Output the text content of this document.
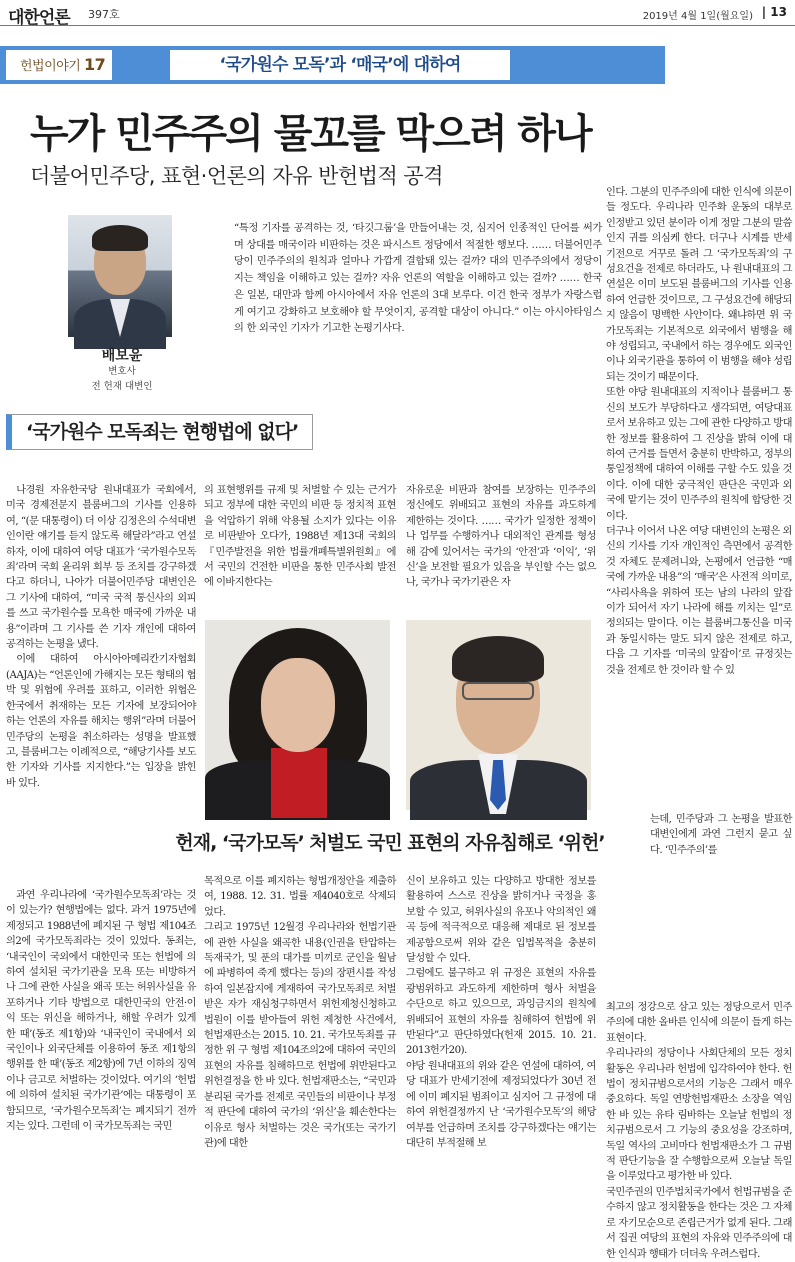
대한언론 397호	2019년 4월 1일(월요일) | 13
헌법이야기 17	‘국가원수 모독’과 ‘매국’에 대하여
누가 민주주의 물꼬를 막으려 하나
더불어민주당, 표현·언론의 자유 반헌법적 공격
배보윤
변호사
전 헌재 대변인
“특정 기자를 공격하는 것, ‘타깃그룹’을 만들어내는 것, 심지어 인종적인 단어를 써가며 상대를 매국이라 비판하는 것은 파시스트 정당에서 적절한 행보다. …… 더불어민주당이 민주주의의 원칙과 얼마나 가깝게 결합돼 있는 걸까? 대의 민주주의에서 정당이 지는 책임을 이해하고 있는 걸까? 자유 언론의 역할을 이해하고 있는 걸까? …… 한국은 일본, 대만과 함께 아시아에서 자유 언론의 3대 보루다. 이건 한국 정부가 자랑스럽게 여기고 강화하고 보호해야 할 무엇이지, 공격할 대상이 아니다.” 이는 아시아타임스의 한 외국인 기자가 기고한 논평기사다.
‘국가원수 모독죄는 현행법에 없다’

나경원 자유한국당 원내대표가 국회에서, 미국 경제전문지 블룸버그의 기사를 인용하여, “(문 대통령이) 더 이상 김정은의 수석대변인이란 얘기를 듣지 않도록 해달라”라고 연설하자, 이에 대하여 여당 대표가 ‘국가원수모독죄’라며 국회 윤리위 회부 등 조치를 강구하겠다고 하더니, 나아가 더불어민주당 대변인은 그 기사에 대하여, “미국 국적 통신사의 외피를 쓰고 국가원수를 모욕한 매국에 가까운 내용”이라며 그 기사를 쓴 기자 개인에 대하여 공격하는 논평을 냈다.

이에 대하여 아시아아메리칸기자협회(AAJA)는 “언론인에 가해지는 모든 형태의 협박 및 위협에 우려를 표하고, 이러한 위협은 한국에서 취재하는 모든 기자에 보장되어야 하는 언론의 자유를 해치는 행위”라며 더불어민주당의 논평을 취소하라는 성명을 발표했고, 블룸버그는 이례적으로, “해당기사를 보도한 기자와 기사를 지지한다.”는 입장을 밝힌 바 있다.

의 표현행위를 규제 및 처벌할 수 있는 근거가 되고 정부에 대한 국민의 비판 등 정치적 표현을 억압하기 위해 악용될 소지가 있다는 이유로 비판받아 오다가, 1988년 제13대 국회의 『민주발전을 위한 법률개폐특별위원회』에서 국민의 건전한 비판을 통한 민주사회 발전에 이바지한다는

자유로운 비판과 참여를 보장하는 민주주의 정신에도 위배되고 표현의 자유를 과도하게 제한하는 것이다. …… 국가가 일정한 정책이나 업무를 수행하거나 대외적인 관계를 형성해 감에 있어서는 국가의 ‘안전’과 ‘이익’, ‘위신’을 보전할 필요가 있음을 부인할 수는 없으나, 국가나 국가기관은 자

인다. 그분의 민주주의에 대한 인식에 의문이 들 정도다. 우리나라 민주화 운동의 대부로 인정받고 있던 분이라 이게 정말 그분의 말씀인지 귀를 의심케 한다. 더구나 시계를 반세기전으로 거꾸로 돌려 그 ‘국가모독죄’의 구성요건을 전제로 하더라도, 나 원내대표의 그 연설은 이미 보도된 블룸버그의 기사를 인용하여 언급한 것이므로, 그 구성요건에 해당되지 않음이 명백한 사안이다. 왜냐하면 위 국가모독죄는 기본적으로 외국에서 범행을 해야 성립되고, 국내에서 하는 경우에도 외국인이나 외국기관을 통하여 이 범행을 해야 성립되는 것이기 때문이다.
또한 야당 원내대표의 지적이나 블룸버그 통신의 보도가 부당하다고 생각되면, 여당대표로서 보유하고 있는 그에 관한 다양하고 방대한 정보를 활용하여 그 진상을 밝혀 이에 대하여 근거를 들면서 충분히 반박하고, 정부의 통일정책에 대하여 이해를 구할 수도 있을 것이다. 이에 대한 궁극적인 판단은 국민과 외국에 맡기는 것이 민주주의 원칙에 합당한 것이다.
더구나 이어서 나온 여당 대변인의 논평은 외신의 기사를 기자 개인적인 측면에서 공격한 것 자체도 문제려니와, 논평에서 언급한 “매국에 가까운 내용”의 ‘매국’은 사전적 의미로, “사리사욕을 위하여 또는 남의 나라의 앞잡이가 되어서 자기 나라에 해를 끼치는 일”로 정의되는 말이다. 이는 블룸버그통신을 미국과 동일시하는 말도 되지 않은 전제로 하고, 다음 그 기자를 ‘미국의 앞잡이’로 규정짓는 것을 전제로 한 것이라 할 수 있
는데, 민주당과 그 논평을 발표한 대변인에게 과연 그런지 묻고 싶다. ‘민주주의’를
헌재, ‘국가모독’ 처벌도 국민 표현의 자유침해로 ‘위헌’

과연 우리나라에 ‘국가원수모독죄’라는 것이 있는가? 현행법에는 없다. 과거 1975년에 제정되고 1988년에 폐지된 구 형법 제104조의2에 국가모독죄라는 것이 있었다. 동죄는, ‘내국인이 국외에서 대한민국 또는 헌법에 의하여 설치된 국가기관을 모욕 또는 비방하거나 그에 관한 사실을 왜곡 또는 허위사실을 유포하거나 기타 방법으로 대한민국의 안전·이익 또는 위신을 해하거나, 해할 우려가 있게 한 때’(동조 제1항)와 ‘내국인이 국내에서 외국인이나 외국단체를 이용하여 동조 제1항의 행위를 한 때’(동조 제2항)에 7년 이하의 징역이나 금고로 처벌하는 것이었다. 여기의 ‘헌법에 의하여 설치된 국가기관’에는 대통령이 포함되므로, ‘국가원수모독죄’는 폐지되기 전까지는 있다. 그런데 이 국가모독죄는 국민

목적으로 이를 폐지하는 형법개정안을 제출하여, 1988. 12. 31. 법률 제4040호로 삭제되었다.
그리고 1975년 12월경 우리나라와 헌법기관에 관한 사실을 왜곡한 내용(인권을 탄압하는 독재국가, 및 푼의 대가를 미끼로 군인을 월남에 파병하여 죽게 했다는 등)의 장편시를 작성하여 일본잡지에 게재하여 국가모독죄로 처벌받은 자가 재심청구하면서 위헌제청신청하고 법원이 이를 받아들여 위헌 제청한 사건에서, 헌법재판소는 2015. 10. 21. 국가모독죄를 규정한 위 구 형법 제104조의2에 대하여 국민의 표현의 자유를 침해하므로 헌법에 위반된다고 위헌결정을 한 바 있다. 헌법재판소는, “국민과 분리된 국가를 전제로 국민들의 비판이나 부정적 판단에 대하여 국가의 ‘위신’을 훼손한다는 이유로 형사 처벌하는 것은 국가(또는 국가기관)에 대한
신이 보유하고 있는 다양하고 방대한 정보를 활용하여 스스로 진상을 밝히거나 국정을 홍보할 수 있고, 허위사실의 유포나 악의적인 왜곡 등에 적극적으로 대응해 제대로 된 정보를 제공함으로써 위와 같은 입법목적을 충분히 달성할 수 있다.
그럼에도 불구하고 위 규정은 표현의 자유를 광범위하고 과도하게 제한하며 형사 처벌을 수단으로 하고 있으므로, 과잉금지의 원칙에 위배되어 표현의 자유를 침해하여 헌법에 위반된다”고 판단하였다(헌재 2015. 10. 21. 2013헌가20).
야당 원내대표의 위와 같은 연설에 대하여, 여당 대표가 반세기전에 제정되었다가 30년 전에 이미 폐지된 범죄이고 심지어 그 규정에 대하여 위헌결정까지 난 ‘국가원수모독’의 해당여부를 언급하며 조치를 강구하겠다는 얘기는 대단히 부적절해 보
최고의 정강으로 삼고 있는 정당으로서 민주주의에 대한 올바른 인식에 의문이 들게 하는 표현이다.
우리나라의 정당이나 사회단체의 모든 정치활동은 우리나라 헌법에 입각하여야 한다. 헌법이 정치규범으로서의 기능은 그래서 매우 중요하다. 독일 연방헌법재판소 소장을 역임한 바 있는 유타 림바하는 오늘날 헌법의 정치규범으로서 그 기능의 중요성을 강조하며, 독일 역사의 고비마다 헌법재판소가 그 규범적 판단기능을 잘 수행함으로써 오늘날 독일을 이루었다고 평가한 바 있다.
국민주권의 민주법치국가에서 헌법규범을 준수하지 않고 정치활동을 한다는 것은 그 자체로 자기모순으로 존립근거가 없게 된다. 그래서 집권 여당의 표현의 자유와 민주주의에 대한 인식과 행태가 더더욱 우려스럽다.
